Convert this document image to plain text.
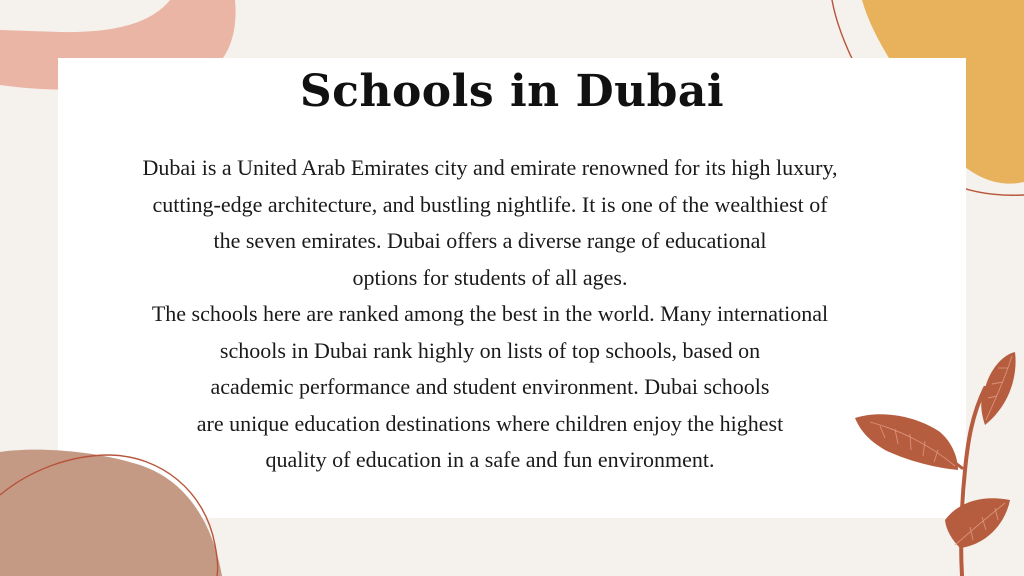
Schools in Dubai
Dubai is a United Arab Emirates city and emirate renowned for its high luxury,
cutting-edge architecture, and bustling nightlife. It is one of the wealthiest of
the seven emirates. Dubai offers a diverse range of educational
options for students of all ages.
The schools here are ranked among the best in the world. Many international
schools in Dubai rank highly on lists of top schools, based on
academic performance and student environment. Dubai schools
are unique education destinations where children enjoy the highest
quality of education in a safe and fun environment.
